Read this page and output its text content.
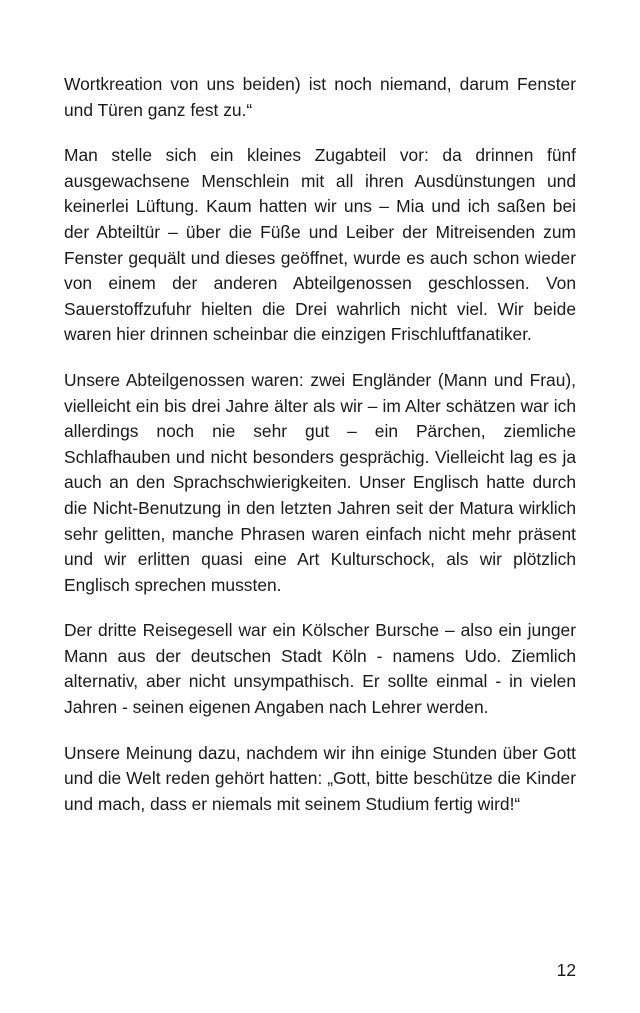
Wortkreation von uns beiden) ist noch niemand, darum Fenster und Türen ganz fest zu.“

Man stelle sich ein kleines Zugabteil vor: da drinnen fünf ausgewachsene Menschlein mit all ihren Ausdünstungen und keinerlei Lüftung. Kaum hatten wir uns – Mia und ich saßen bei der Abteiltür – über die Füße und Leiber der Mitreisenden zum Fenster gequält und dieses geöffnet, wurde es auch schon wieder von einem der anderen Abteilgenossen geschlossen. Von Sauerstoffzufuhr hielten die Drei wahrlich nicht viel. Wir beide waren hier drinnen scheinbar die einzigen Frischluftfanatiker.

Unsere Abteilgenossen waren: zwei Engländer (Mann und Frau), vielleicht ein bis drei Jahre älter als wir – im Alter schätzen war ich allerdings noch nie sehr gut – ein Pärchen, ziemliche Schlafhauben und nicht besonders gesprächig. Vielleicht lag es ja auch an den Sprachschwierigkeiten. Unser Englisch hatte durch die Nicht-Benutzung in den letzten Jahren seit der Matura wirklich sehr gelitten, manche Phrasen waren einfach nicht mehr präsent und wir erlitten quasi eine Art Kulturschock, als wir plötzlich Englisch sprechen mussten.

Der dritte Reisegesell war ein Kölscher Bursche – also ein junger Mann aus der deutschen Stadt Köln - namens Udo. Ziemlich alternativ, aber nicht unsympathisch. Er sollte einmal - in vielen Jahren - seinen eigenen Angaben nach Lehrer werden.

Unsere Meinung dazu, nachdem wir ihn einige Stunden über Gott und die Welt reden gehört hatten: „Gott, bitte beschütze die Kinder und mach, dass er niemals mit seinem Studium fertig wird!“

12
